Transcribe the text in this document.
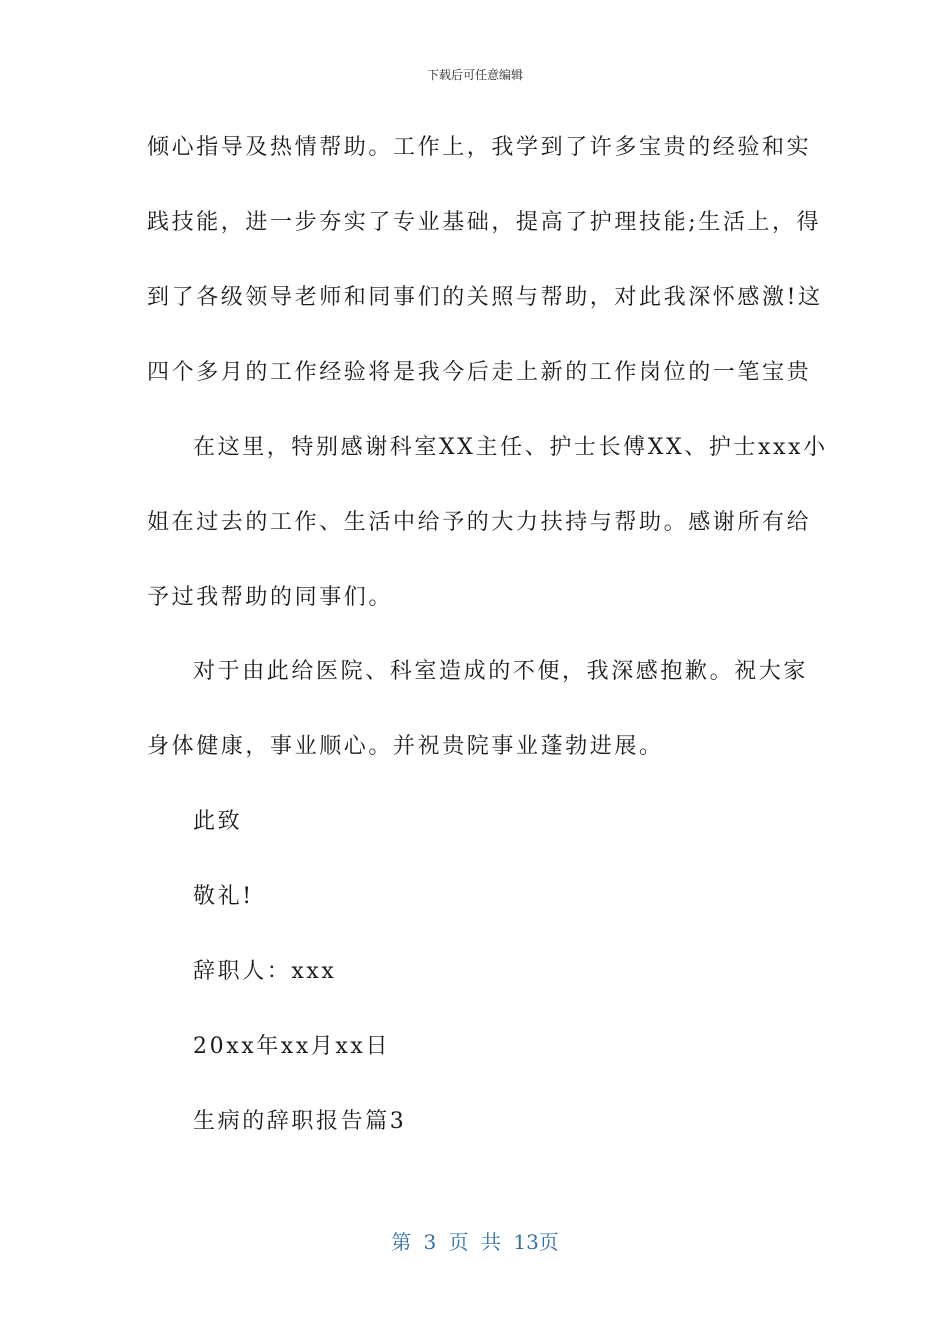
下载后可任意编辑
倾心指导及热情帮助。工作上，我学到了许多宝贵的经验和实
践技能，进一步夯实了专业基础，提高了护理技能;生活上，得
到了各级领导老师和同事们的关照与帮助，对此我深怀感激!这
四个多月的工作经验将是我今后走上新的工作岗位的一笔宝贵
在这里，特别感谢科室XX主任、护士长傅XX、护士xxx小
姐在过去的工作、生活中给予的大力扶持与帮助。感谢所有给
予过我帮助的同事们。
对于由此给医院、科室造成的不便，我深感抱歉。祝大家
身体健康，事业顺心。并祝贵院事业蓬勃进展。
此致
敬礼!
辞职人：xxx
20xx年xx月xx日
生病的辞职报告篇3
第 3 页 共 13页
